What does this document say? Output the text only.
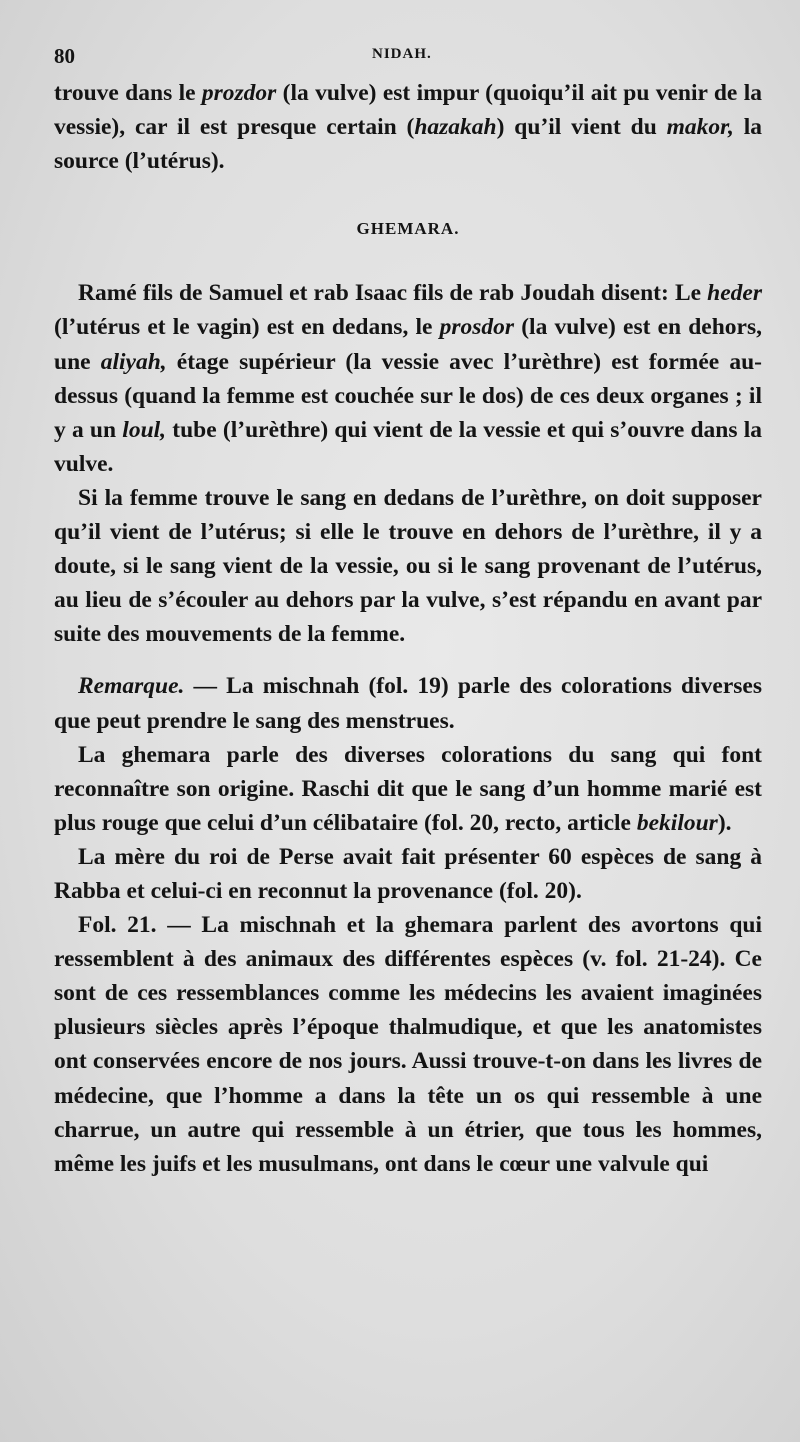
80	NIDAH.

trouve dans le prozdor (la vulve) est impur (quoiqu’il ait pu venir de la vessie), car il est presque certain (hazakah) qu’il vient du makor, la source (l’utérus).

GHEMARA.

Ramé fils de Samuel et rab Isaac fils de rab Joudah disent: Le heder (l’utérus et le vagin) est en dedans, le prosdor (la vulve) est en dehors, une aliyah, étage supérieur (la vessie avec l’urèthre) est formée au-dessus (quand la femme est couchée sur le dos) de ces deux organes ; il y a un loul, tube (l’urèthre) qui vient de la vessie et qui s’ouvre dans la vulve.

Si la femme trouve le sang en dedans de l’urèthre, on doit supposer qu’il vient de l’utérus; si elle le trouve en dehors de l’urèthre, il y a doute, si le sang vient de la vessie, ou si le sang provenant de l’utérus, au lieu de s’écouler au dehors par la vulve, s’est répandu en avant par suite des mouvements de la femme.

Remarque. — La mischnah (fol. 19) parle des colorations diverses que peut prendre le sang des menstrues.

La ghemara parle des diverses colorations du sang qui font reconnaître son origine. Raschi dit que le sang d’un homme marié est plus rouge que celui d’un célibataire (fol. 20, recto, article bekilour).

La mère du roi de Perse avait fait présenter 60 espèces de sang à Rabba et celui-ci en reconnut la provenance (fol. 20).

Fol. 21. — La mischnah et la ghemara parlent des avortons qui ressemblent à des animaux des différentes espèces (v. fol. 21-24). Ce sont de ces ressemblances comme les médecins les avaient imaginées plusieurs siècles après l’époque thalmudique, et que les anatomistes ont conservées encore de nos jours. Aussi trouve-t-on dans les livres de médecine, que l’homme a dans la tête un os qui ressemble à une charrue, un autre qui ressemble à un étrier, que tous les hommes, même les juifs et les musulmans, ont dans le cœur une valvule qui
